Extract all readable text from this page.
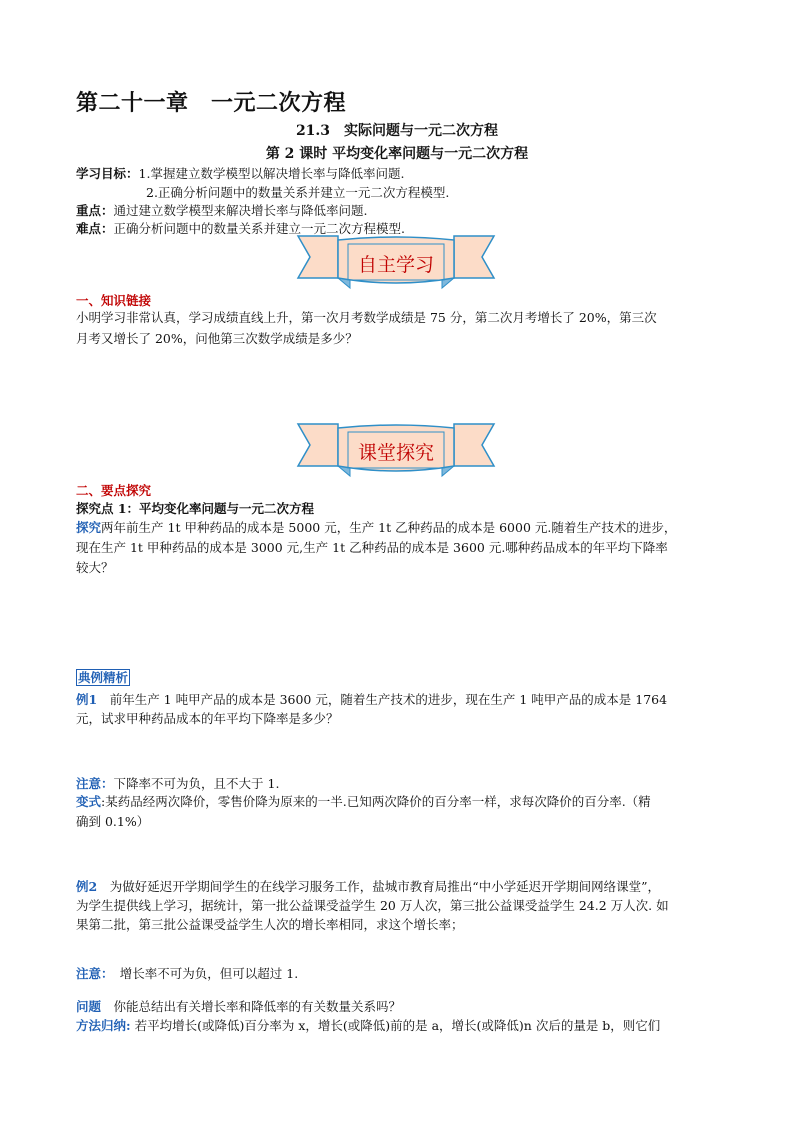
第二十一章　一元二次方程
21.3　实际问题与一元二次方程
第 2 课时 平均变化率问题与一元二次方程
学习目标：1.掌握建立数学模型以解决增长率与降低率问题.
2.正确分析问题中的数量关系并建立一元二次方程模型.
重点：通过建立数学模型来解决增长率与降低率问题.
难点：正确分析问题中的数量关系并建立一元二次方程模型.
自主学习
一、知识链接
小明学习非常认真，学习成绩直线上升，第一次月考数学成绩是 75 分，第二次月考增长了 20%，第三次
月考又增长了 20%，问他第三次数学成绩是多少？
课堂探究
二、要点探究
探究点 1：平均变化率问题与一元二次方程
探究两年前生产 1t 甲种药品的成本是 5000 元，生产 1t 乙种药品的成本是 6000 元.随着生产技术的进步，
现在生产 1t 甲种药品的成本是 3000 元,生产 1t 乙种药品的成本是 3600 元.哪种药品成本的年平均下降率
较大？
典例精析
例1　前年生产 1 吨甲产品的成本是 3600 元，随着生产技术的进步，现在生产 1 吨甲产品的成本是 1764
元，试求甲种药品成本的年平均下降率是多少？
注意：下降率不可为负，且不大于 1.
变式:某药品经两次降价，零售价降为原来的一半.已知两次降价的百分率一样，求每次降价的百分率.（精
确到 0.1%）
例2　为做好延迟开学期间学生的在线学习服务工作，盐城市教育局推出“中小学延迟开学期间网络课堂”，
为学生提供线上学习，据统计，第一批公益课受益学生 20 万人次，第三批公益课受益学生 24.2 万人次. 如
果第二批，第三批公益课受益学生人次的增长率相同，求这个增长率；
注意：　增长率不可为负，但可以超过 1.
问题　你能总结出有关增长率和降低率的有关数量关系吗？
方法归纳: 若平均增长(或降低)百分率为 x，增长(或降低)前的是 a，增长(或降低)n 次后的量是 b，则它们
